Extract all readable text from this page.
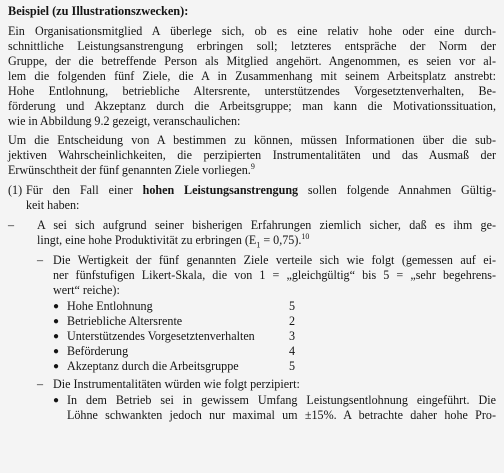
Beispiel (zu Illustrationszwecken):
Ein Organisationsmitglied A überlege sich, ob es eine relativ hohe oder eine durch-
schnittliche Leistungsanstrengung erbringen soll; letzteres entspräche der Norm der
Gruppe, der die betreffende Person als Mitglied angehört. Angenommen, es seien vor al-
lem die folgenden fünf Ziele, die A in Zusammenhang mit seinem Arbeitsplatz anstrebt:
Hohe Entlohnung, betriebliche Altersrente, unterstützendes Vorgesetztenverhalten, Be-
förderung und Akzeptanz durch die Arbeitsgruppe; man kann die Motivationssituation,
wie in Abbildung 9.2 gezeigt, veranschaulichen:
Um die Entscheidung von A bestimmen zu können, müssen Informationen über die sub-
jektiven Wahrscheinlichkeiten, die perzipierten Instrumentalitäten und das Ausmaß der
Erwünschtheit der fünf genannten Ziele vorliegen.$^9$
(1) Für den Fall einer hohen Leistungsanstrengung sollen folgende Annahmen Gültig-
keit haben:
– A sei sich aufgrund seiner bisherigen Erfahrungen ziemlich sicher, daß es ihm ge-
lingt, eine hohe Produktivität zu erbringen $(E_1 = 0,75).^{10}$
– Die Wertigkeit der fünf genannten Ziele verteile sich wie folgt (gemessen auf ei-
ner fünfstufigen Likert-Skala, die von 1 = „gleichgültig“ bis 5 = „sehr begehrens-
wert“ reiche):
● Hohe Entlohnung	5
● Betriebliche Altersrente	2
● Unterstützendes Vorgesetztenverhalten	3
● Beförderung	4
● Akzeptanz durch die Arbeitsgruppe	5
– Die Instrumentalitäten würden wie folgt perzipiert:
● In dem Betrieb sei in gewissem Umfang Leistungsentlohnung eingeführt. Die
Löhne schwankten jedoch nur maximal um ±15%. A betrachte daher hohe Pro-
